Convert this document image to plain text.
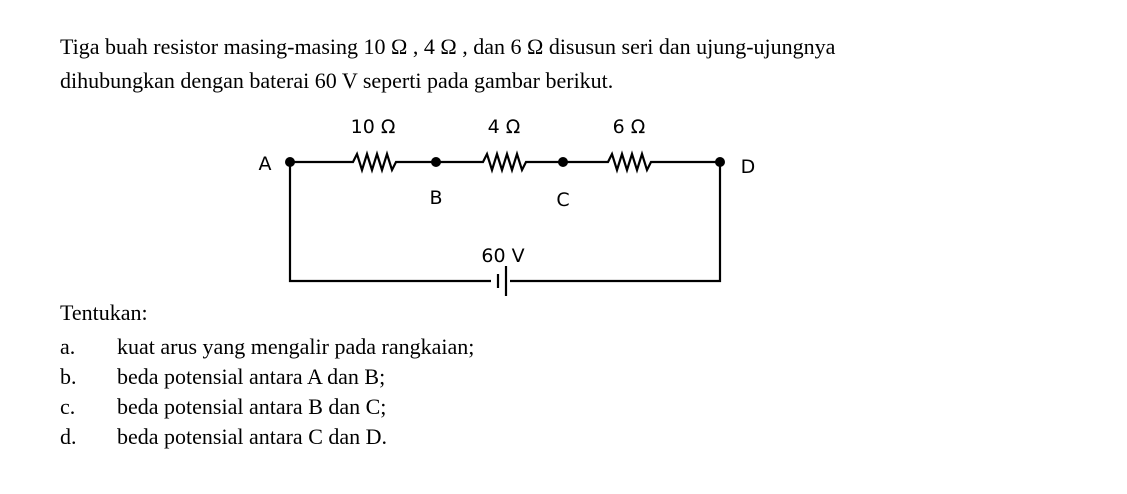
Tiga buah resistor masing-masing 10 Ω , 4 Ω , dan 6 Ω disusun seri dan ujung-ujungnya
dihubungkan dengan baterai 60 V seperti pada gambar berikut.
10 Ω	4 Ω	6 Ω
A
B	C
D
60 V

Tentukan:

a. kuat arus yang mengalir pada rangkaian;
b. beda potensial antara A dan B;
c. beda potensial antara B dan C;
d. beda potensial antara C dan D.
